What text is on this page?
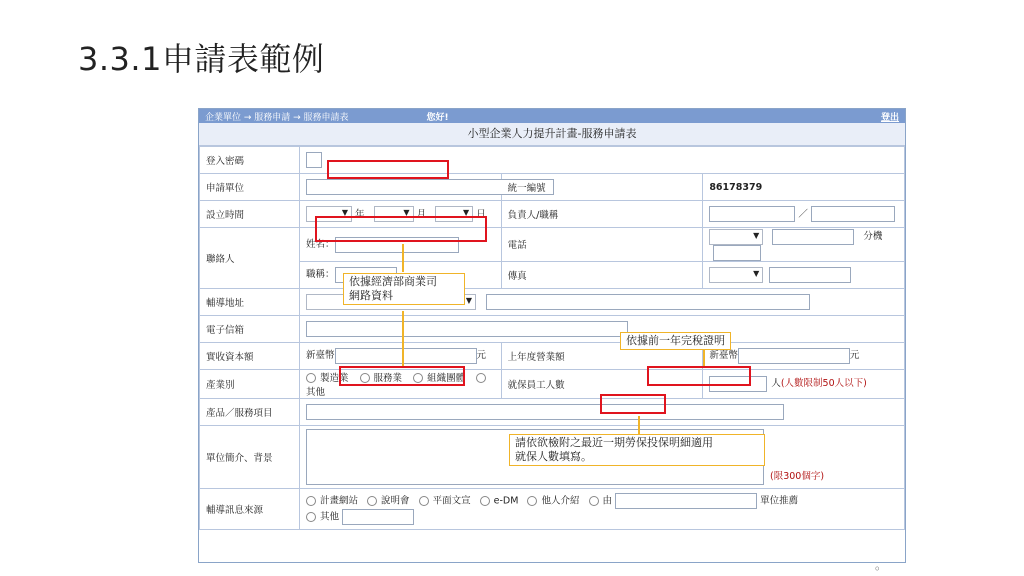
3.3.1申請表範例
企業單位 → 服務申請 → 服務申請表	您好!	登出
小型企業人力提升計畫-服務申請表
登入密碼			
申請單位		統一編號	86178379
設立時間	▼年 ▼ 月 ▼ 日	負責人/職稱	／
聯絡人	姓名：	電話	▼  分機
	職稱：	傳真	▼
輔導地址	▼
電子信箱			
實收資本額	新臺幣 元	上年度營業額	新臺幣 元
產業別	製造業 服務業 組織團體 其他	就保員工人數	人(人數限制50人以下)
產品／服務項目			
單位簡介、背景	(限300個字)		

輔導訊息來源	計畫網站 說明會 平面文宣 e-DM 他人介紹 由 單位推薦
其他		
依據經濟部商業司
網路資料
依據前一年完稅證明
請依欲檢附之最近一期勞保投保明細適用
就保人數填寫。
。
